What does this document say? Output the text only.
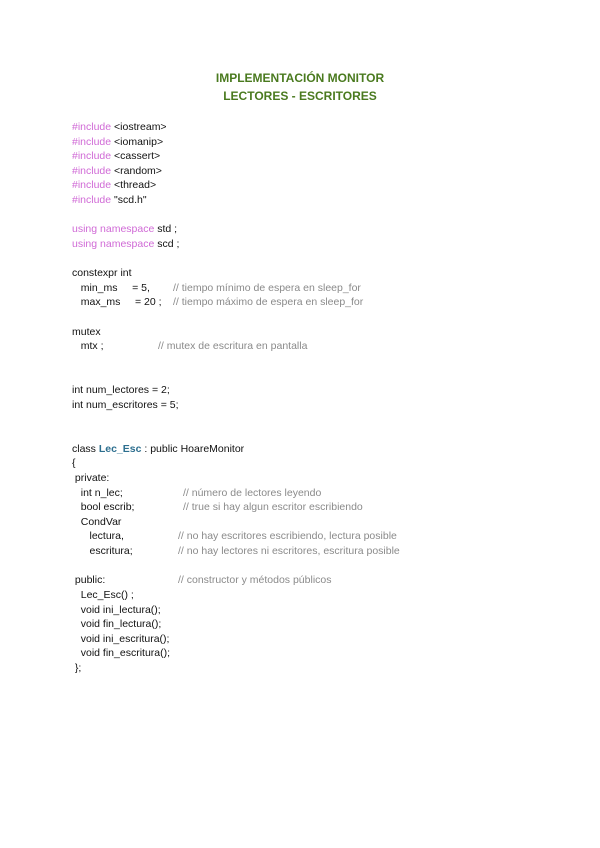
IMPLEMENTACIÓN MONITOR
LECTORES - ESCRITORES
#include <iostream>
#include <iomanip>
#include <cassert>
#include <random>
#include <thread>
#include "scd.h"
using namespace std ;
using namespace scd ;
constexpr int
min_ms     = 5, // tiempo mínimo de espera en sleep_for
max_ms     = 20 ; // tiempo máximo de espera en sleep_for
mutex
mtx ;	// mutex de escritura en pantalla
int num_lectores = 2;
int num_escritores = 5;
class Lec_Esc : public HoareMonitor
{
private:
int n_lec;	// número de lectores leyendo
bool escrib;	// true si hay algun escritor escribiendo
CondVar
lectura,	// no hay escritores escribiendo, lectura posible
escritura;	// no hay lectores ni escritores, escritura posible
public:	// constructor y métodos públicos
Lec_Esc() ;
void ini_lectura();
void fin_lectura();
void ini_escritura();
void fin_escritura();
};
